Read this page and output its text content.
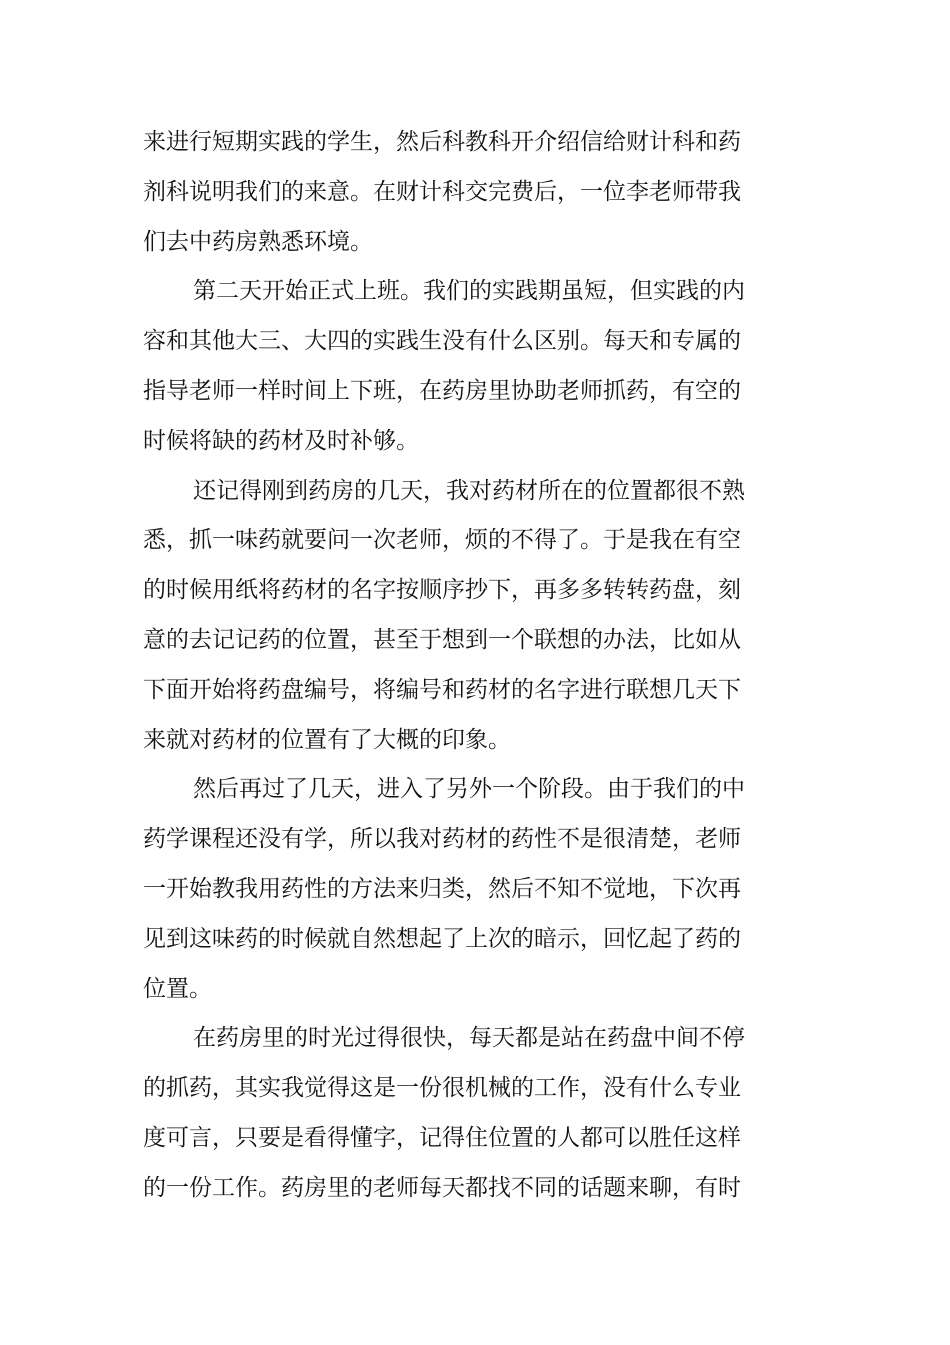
来进行短期实践的学生，然后科教科开介绍信给财计科和药
剂科说明我们的来意。在财计科交完费后，一位李老师带我
们去中药房熟悉环境。
第二天开始正式上班。我们的实践期虽短，但实践的内
容和其他大三、大四的实践生没有什么区别。每天和专属的
指导老师一样时间上下班，在药房里协助老师抓药，有空的
时候将缺的药材及时补够。
还记得刚到药房的几天，我对药材所在的位置都很不熟
悉，抓一味药就要问一次老师，烦的不得了。于是我在有空
的时候用纸将药材的名字按顺序抄下，再多多转转药盘，刻
意的去记记药的位置，甚至于想到一个联想的办法，比如从
下面开始将药盘编号，将编号和药材的名字进行联想几天下
来就对药材的位置有了大概的印象。
然后再过了几天，进入了另外一个阶段。由于我们的中
药学课程还没有学，所以我对药材的药性不是很清楚，老师
一开始教我用药性的方法来归类，然后不知不觉地，下次再
见到这味药的时候就自然想起了上次的暗示，回忆起了药的
位置。
在药房里的时光过得很快，每天都是站在药盘中间不停
的抓药，其实我觉得这是一份很机械的工作，没有什么专业
度可言，只要是看得懂字，记得住位置的人都可以胜任这样
的一份工作。药房里的老师每天都找不同的话题来聊，有时
